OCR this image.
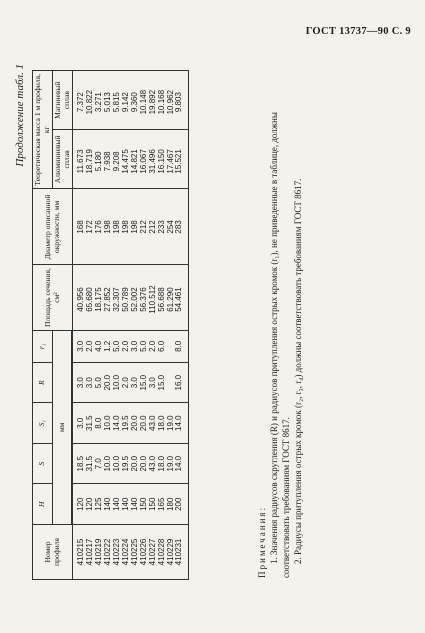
ГОСТ 13737—90 С. 9
Продолжение табл. 1
Номер профиля	H	S	S₁	R	r₁	Площадь сечения, см²	Диаметр описанной окружности, мм	Теоретическая масса 1 м профиля, кг	
	мм							Алюминиевый сплав	Магниевый сплав

410215	120	18.5	3.0	3.0	3.0	40.956	168	11.673	7.372
410217	120	31.5	31.5	3.0	2.0	65.680	172	18.719	10.822
410219	125	7.0	8.0	5.0	4.0	18.175	176	5.180	3.271
410222	140	10.0	10.0	20.0	1.2	27.852	198	7.938	5.013
410223	140	10.0	14.0	10.0	5.0	32.307	198	9.208	5.815
410224	140	19.5	19.5	2.0	2.0	50.789	198	14.475	9.142
410225	140	20.0	20.0	3.0	3.0	52.002	198	14.821	9.360
410226	150	20.0	20.0	15.0	5.0	56.376	212	16.067	10.148
410227	150	43.0	43.0	3.0	2.0	110.512	212	31.496	19.892
410228	165	18.0	18.0	15.0	6.0	56.688	233	16.150	10.168
410229	180	19.0	19.0			61.290	254	17.467	10.962
410231	200	14.0	14.0	16.0	8.0	54.461	283	15.521	9.803
Примечания: 1. Значения радиусов скругления (R) и радиусов притупления острых кромок (r₁), не приведенные в таблице, должны соответствовать требованиям ГОСТ 8617. 2. Радиусы притупления острых кромок (r₂, r₃, r₄) должны соответствовать требованиям ГОСТ 8617.
